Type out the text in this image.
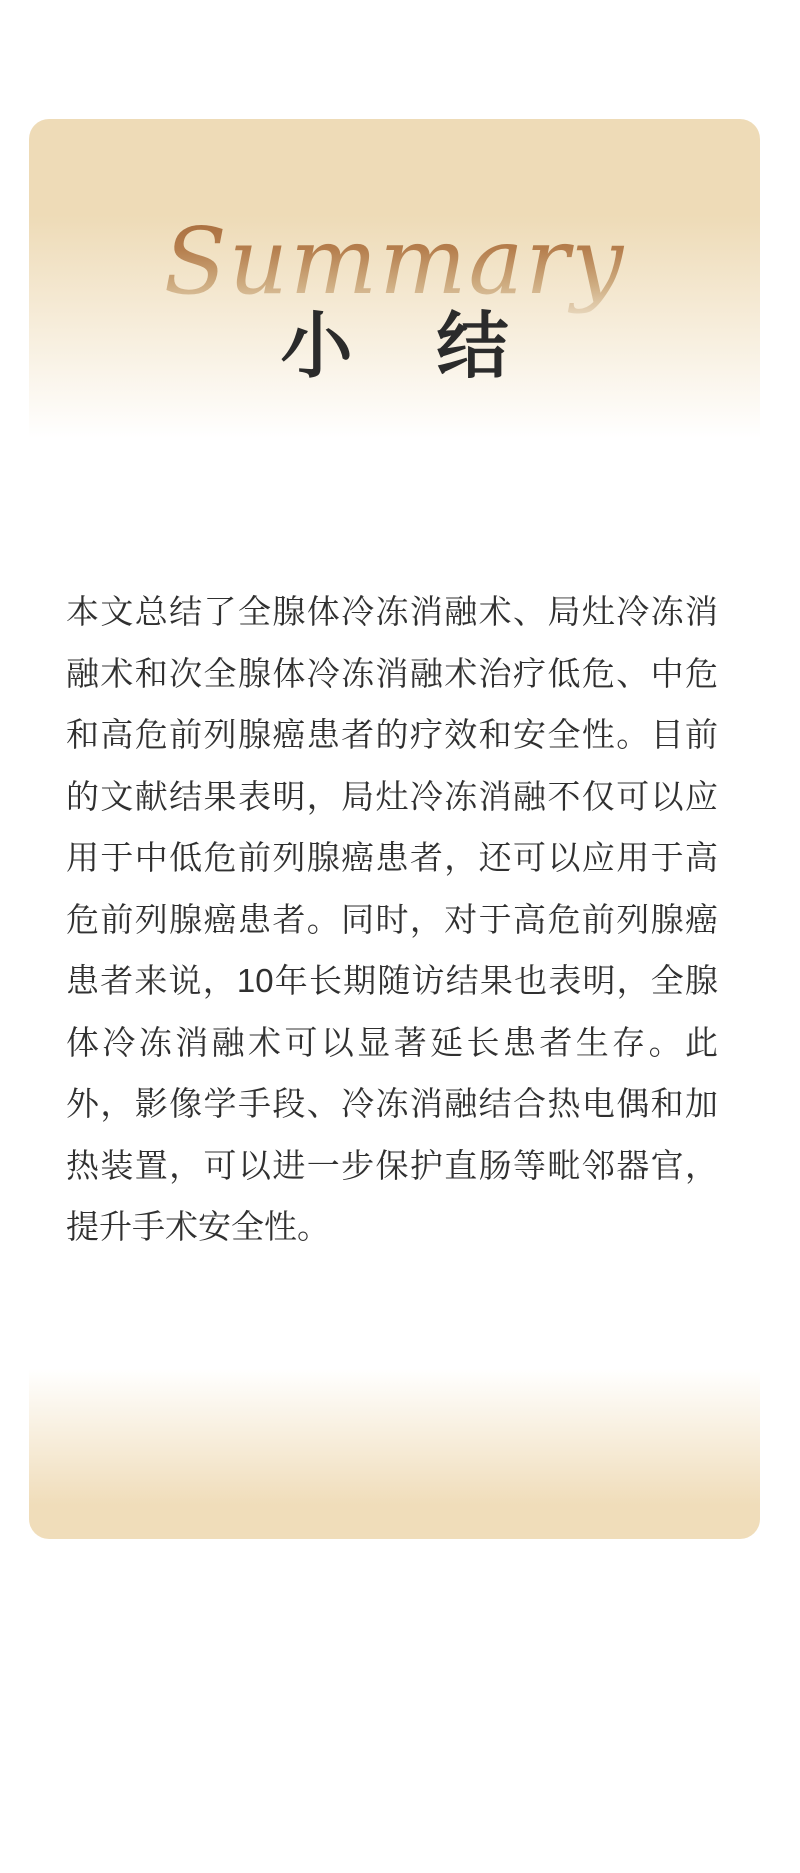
Summary
小 结
本文总结了全腺体冷冻消融术、局灶冷冻消
融术和次全腺体冷冻消融术治疗低危、中危
和高危前列腺癌患者的疗效和安全性。目前
的文献结果表明，局灶冷冻消融不仅可以应
用于中低危前列腺癌患者，还可以应用于高
危前列腺癌患者。同时，对于高危前列腺癌
患者来说，10年长期随访结果也表明，全腺
体冷冻消融术可以显著延长患者生存。此
外，影像学手段、冷冻消融结合热电偶和加
热装置，可以进一步保护直肠等毗邻器官，
提升手术安全性。
